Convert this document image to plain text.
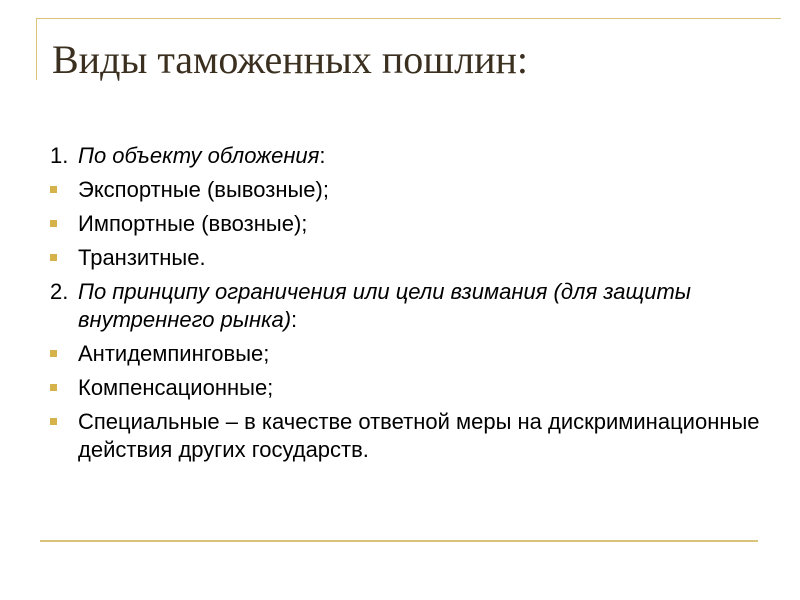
Виды таможенных пошлин:
1. По объекту обложения:
Экспортные (вывозные);
Импортные (ввозные);
Транзитные.
2. По принципу ограничения или цели взимания (для защиты внутреннего рынка):
Антидемпинговые;
Компенсационные;
Специальные – в качестве ответной меры на дискриминационные действия других государств.
